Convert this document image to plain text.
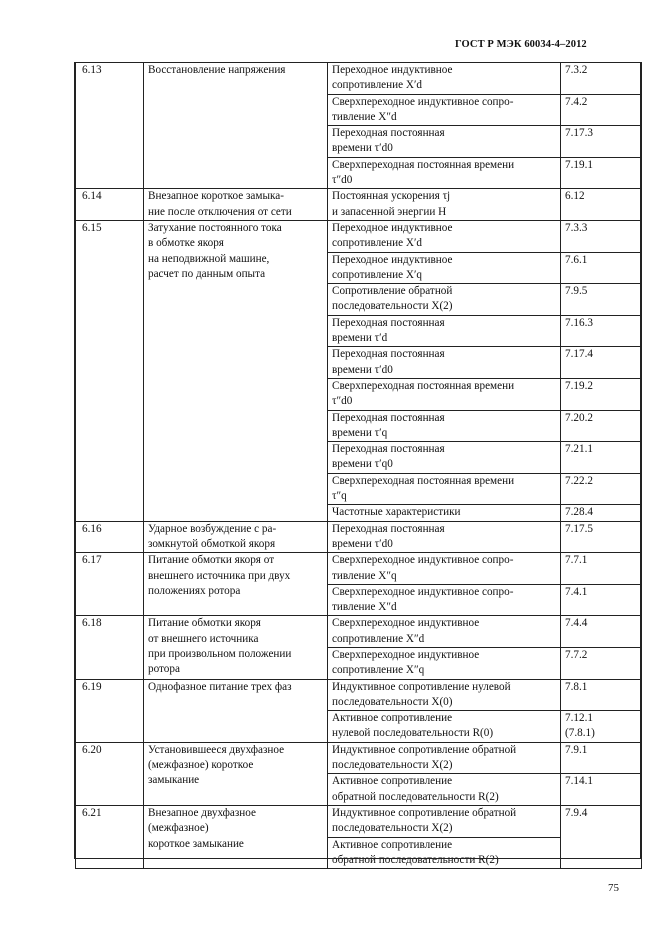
ГОСТ Р МЭК 60034-4–2012
6.13	Восстановление напряжения	Переходное индуктивное
сопротивление X′d	7.3.2

		Сверхпереходное индуктивное сопро-
тивление X″d	7.4.2

		Переходная постоянная
времени τ′d0	7.17.3

		Сверхпереходная постоянная времени
τ″d0	7.19.1

6.14	Внезапное короткое замыка-
ние после отключения от сети	Постоянная ускорения τj
и запасенной энергии H	6.12

6.15	Затухание постоянного тока
в обмотке якоря
на неподвижной машине,
расчет по данным опыта	Переходное индуктивное
сопротивление X′d	7.3.3

		Переходное индуктивное
сопротивление X′q	7.6.1

		Сопротивление обратной
последовательности X(2)	7.9.5

		Переходная постоянная
времени τ′d	7.16.3

		Переходная постоянная
времени τ′d0	7.17.4

		Сверхпереходная постоянная времени
τ″d0	7.19.2

		Переходная постоянная
времени τ′q	7.20.2

		Переходная постоянная
времени τ′q0	7.21.1

		Сверхпереходная постоянная времени
τ″q	7.22.2

		Частотные характеристики	7.28.4

6.16	Ударное возбуждение с ра-
зомкнутой обмоткой якоря	Переходная постоянная
времени τ′d0	7.17.5

6.17	Питание обмотки якоря от
внешнего источника при двух
положениях ротора	Сверхпереходное индуктивное сопро-
тивление X″q	7.7.1

		Сверхпереходное индуктивное сопро-
тивление X″d	7.4.1

6.18	Питание обмотки якоря
от внешнего источника
при произвольном положении
ротора	Сверхпереходное индуктивное
сопротивление X″d	7.4.4

		Сверхпереходное индуктивное
сопротивление X″q	7.7.2

6.19	Однофазное питание трех фаз	Индуктивное сопротивление нулевой
последовательности X(0)	7.8.1

		Активное сопротивление
нулевой последовательности R(0)	7.12.1
(7.8.1)

6.20	Установившееся двухфазное
(межфазное) короткое
замыкание	Индуктивное сопротивление обратной
последовательности X(2)	7.9.1

		Активное сопротивление
обратной последовательности R(2)	7.14.1

6.21	Внезапное двухфазное
(межфазное)
короткое замыкание	Индуктивное сопротивление обратной
последовательности X(2)	7.9.4

		Активное сопротивление
обратной последовательности R(2)	
75
